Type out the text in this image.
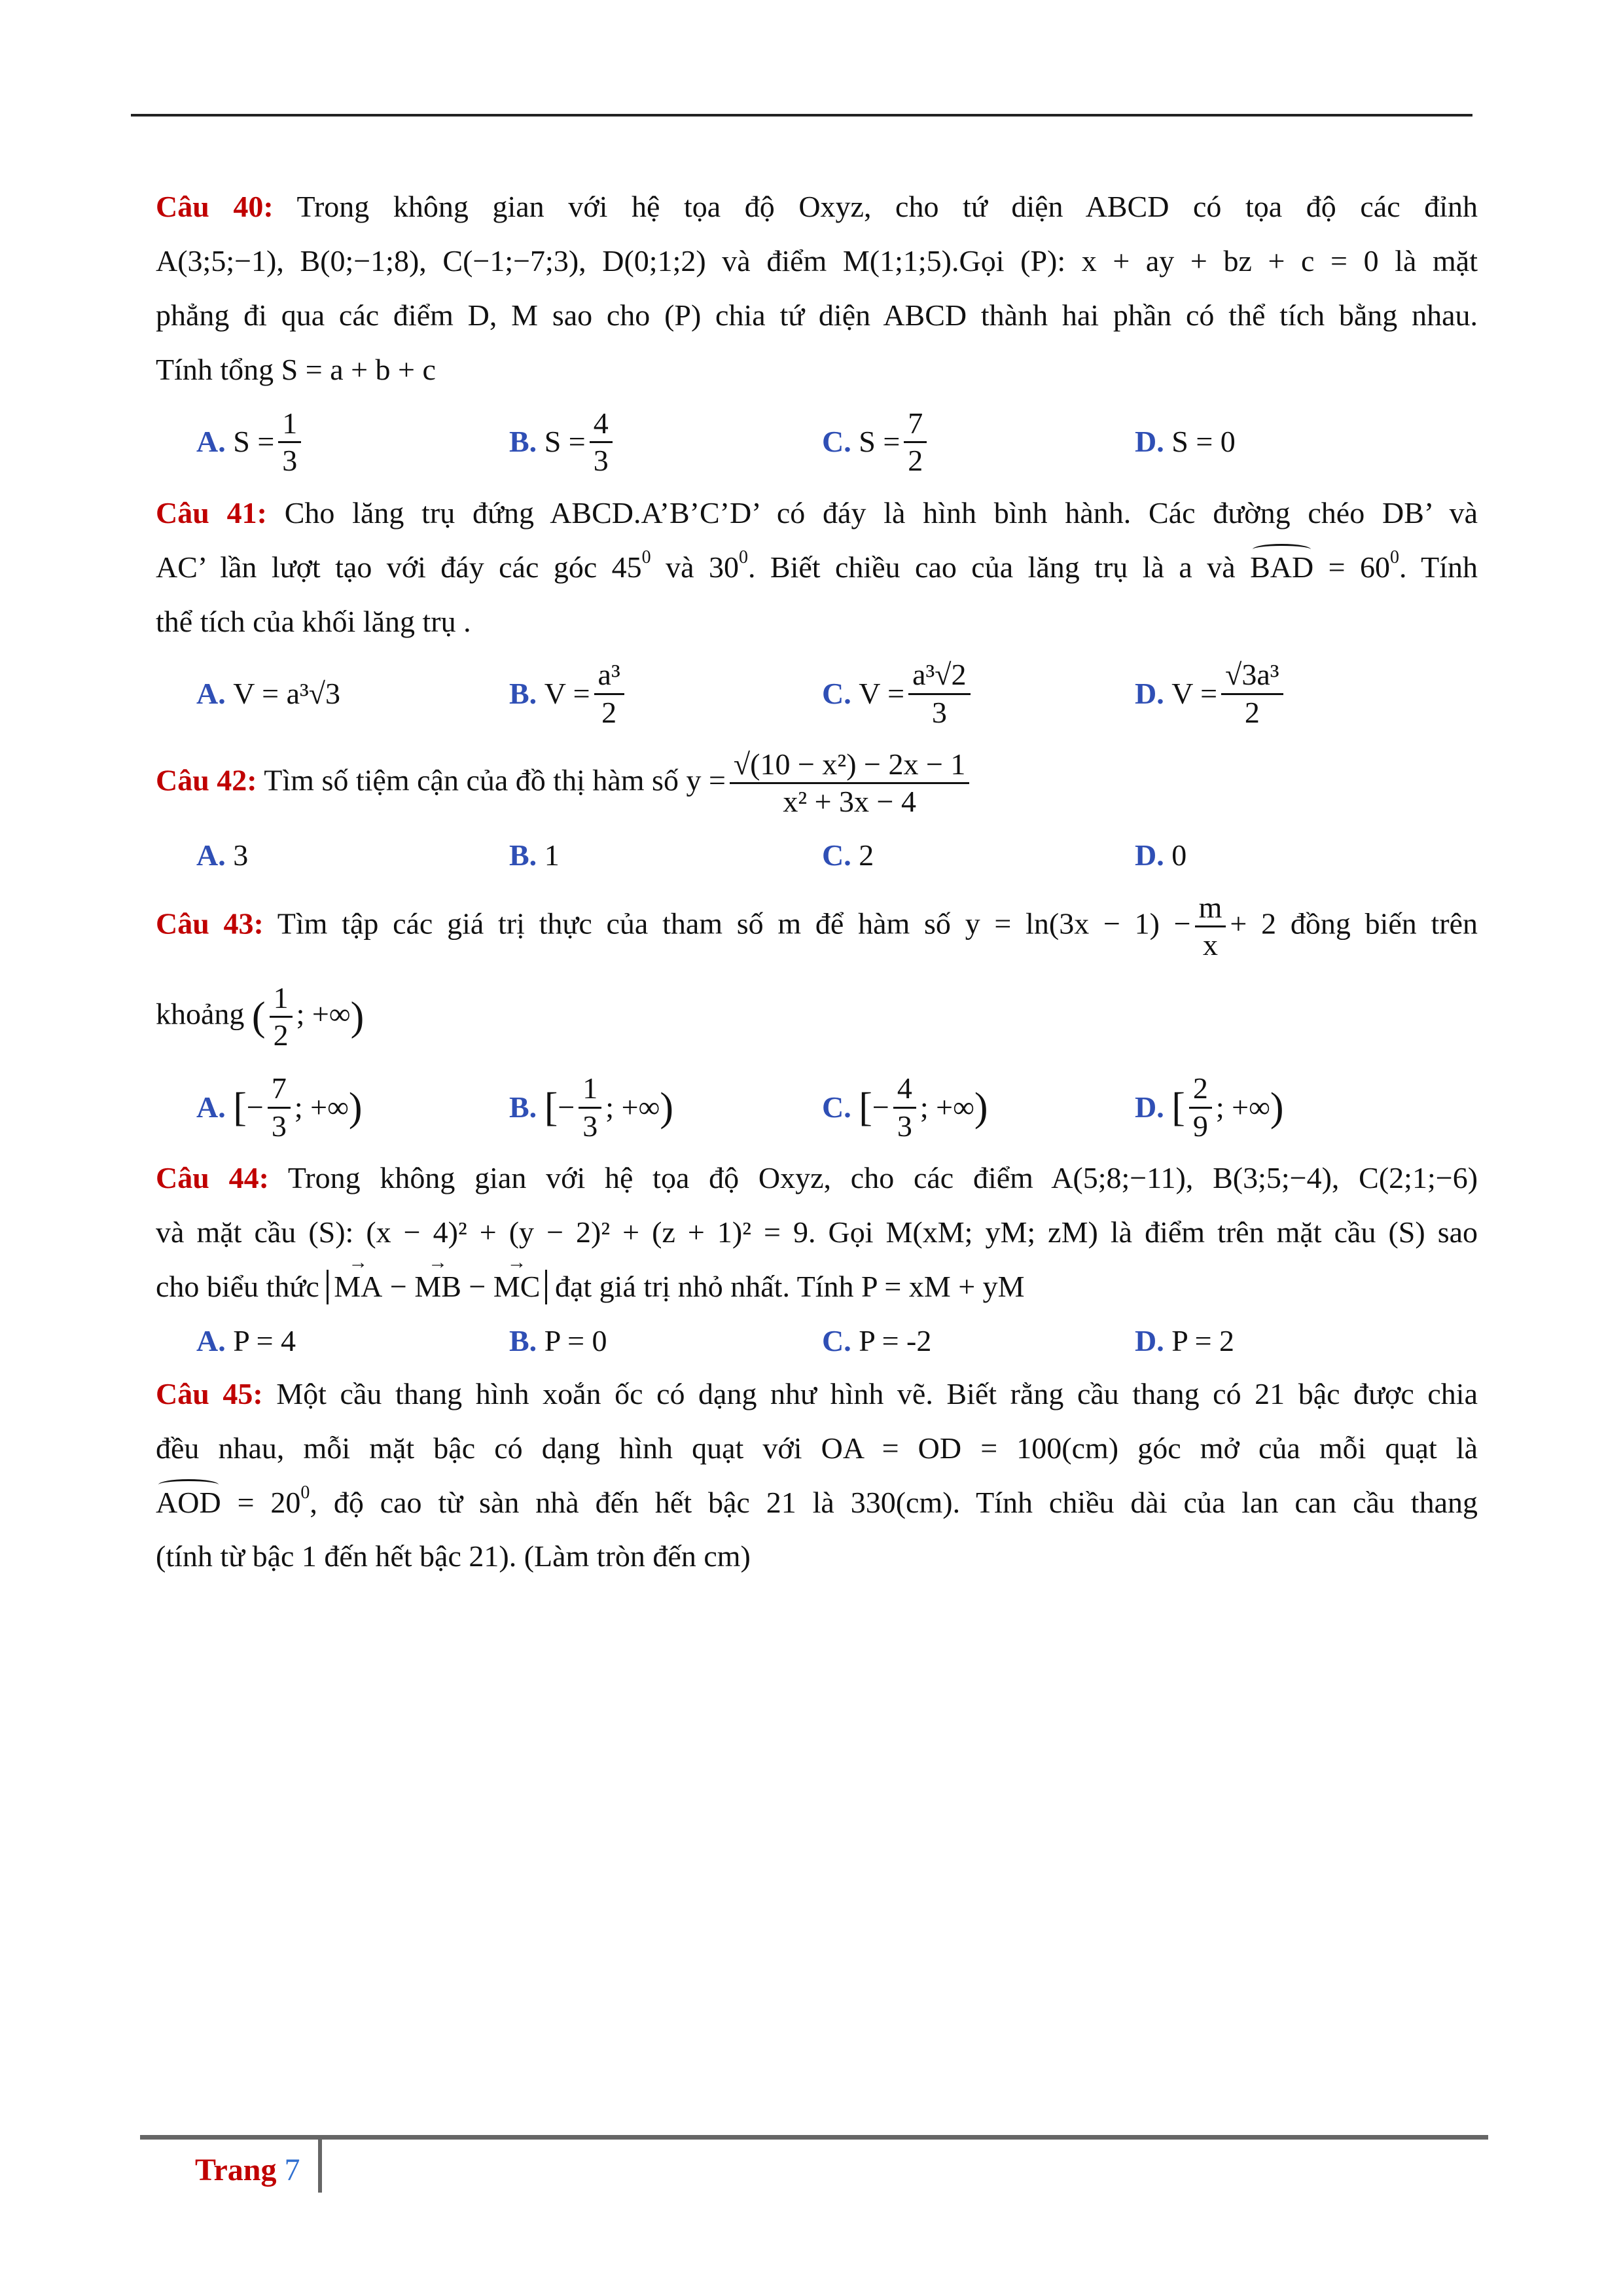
Câu 40: Trong không gian với hệ tọa độ Oxyz, cho tứ diện ABCD có tọa độ các đỉnh
A(3;5;−1), B(0;−1;8), C(−1;−7;3), D(0;1;2) và điểm M(1;1;5).Gọi (P): x + ay + bz + c = 0 là mặt
phẳng đi qua các điểm D, M sao cho (P) chia tứ diện ABCD thành hai phần có thể tích bằng nhau.
Tính tổng S = a + b + c
A.
$S = \frac{1}{3}$	B.
$S = \frac{4}{3}$	C.
$S = \frac{7}{2}$	D.
S = 0
Câu 41: Cho lăng trụ đứng ABCD.A’B’C’D’ có đáy là hình bình hành. Các đường chéo DB’ và
AC’ lần lượt tạo với đáy các góc $45^0$ và $30^0$. Biết chiều cao của lăng trụ là a và BAD = $60^0$. Tính
thể tích của khối lăng trụ .
A.
V = a³√3	B.
$V = \frac{\text{a³}}{2}$	C.
$V = \frac{\text{a³√2}}{3}$	D.
$V = \frac{\text{√3a³}}{2}$
Câu 42: Tìm số tiệm cận của đồ thị hàm số $y = \frac{\text{√(10 − x²) − 2x − 1}}{\text{x² + 3x − 4}}$
A.
3	B.
1	C.
2	D.
0
Câu 43: Tìm tập các giá trị thực của tham số m để hàm số $y = \ln(3x - 1) - \frac{m}{x} + 2$ đồng biến trên
khoảng ( $\frac{1}{2}$ ; +∞)
A.
[ − $\frac{7}{3}$ ; +∞ )	B.
[ − $\frac{1}{3}$ ; +∞ )	C.
[ − $\frac{4}{3}$ ; +∞ )	D.
[ $\frac{2}{9}$ ; +∞ )
Câu 44: Trong không gian với hệ tọa độ Oxyz, cho các điểm A(5;8;−11), B(3;5;−4), C(2;1;−6)
và mặt cầu (S): (x − 4)² + (y − 2)² + (z + 1)² = 9. Gọi M(xM; yM; zM) là điểm trên mặt cầu (S) sao
cho biểu thức → MA − → MB − → MC đạt giá trị nhỏ nhất. Tính P = xM + yM
A.
P = 4	B.
P = 0	C.
P = -2	D.
P = 2
Câu 45: Một cầu thang hình xoắn ốc có dạng như hình vẽ. Biết rằng cầu thang có 21 bậc được chia
đều nhau, mỗi mặt bậc có dạng hình quạt với OA = OD = 100(cm) góc mở của mỗi quạt là
AOD = $20^0$, độ cao từ sàn nhà đến hết bậc 21 là 330(cm). Tính chiều dài của lan can cầu thang
(tính từ bậc 1 đến hết bậc 21). (Làm tròn đến cm)
Trang 7
